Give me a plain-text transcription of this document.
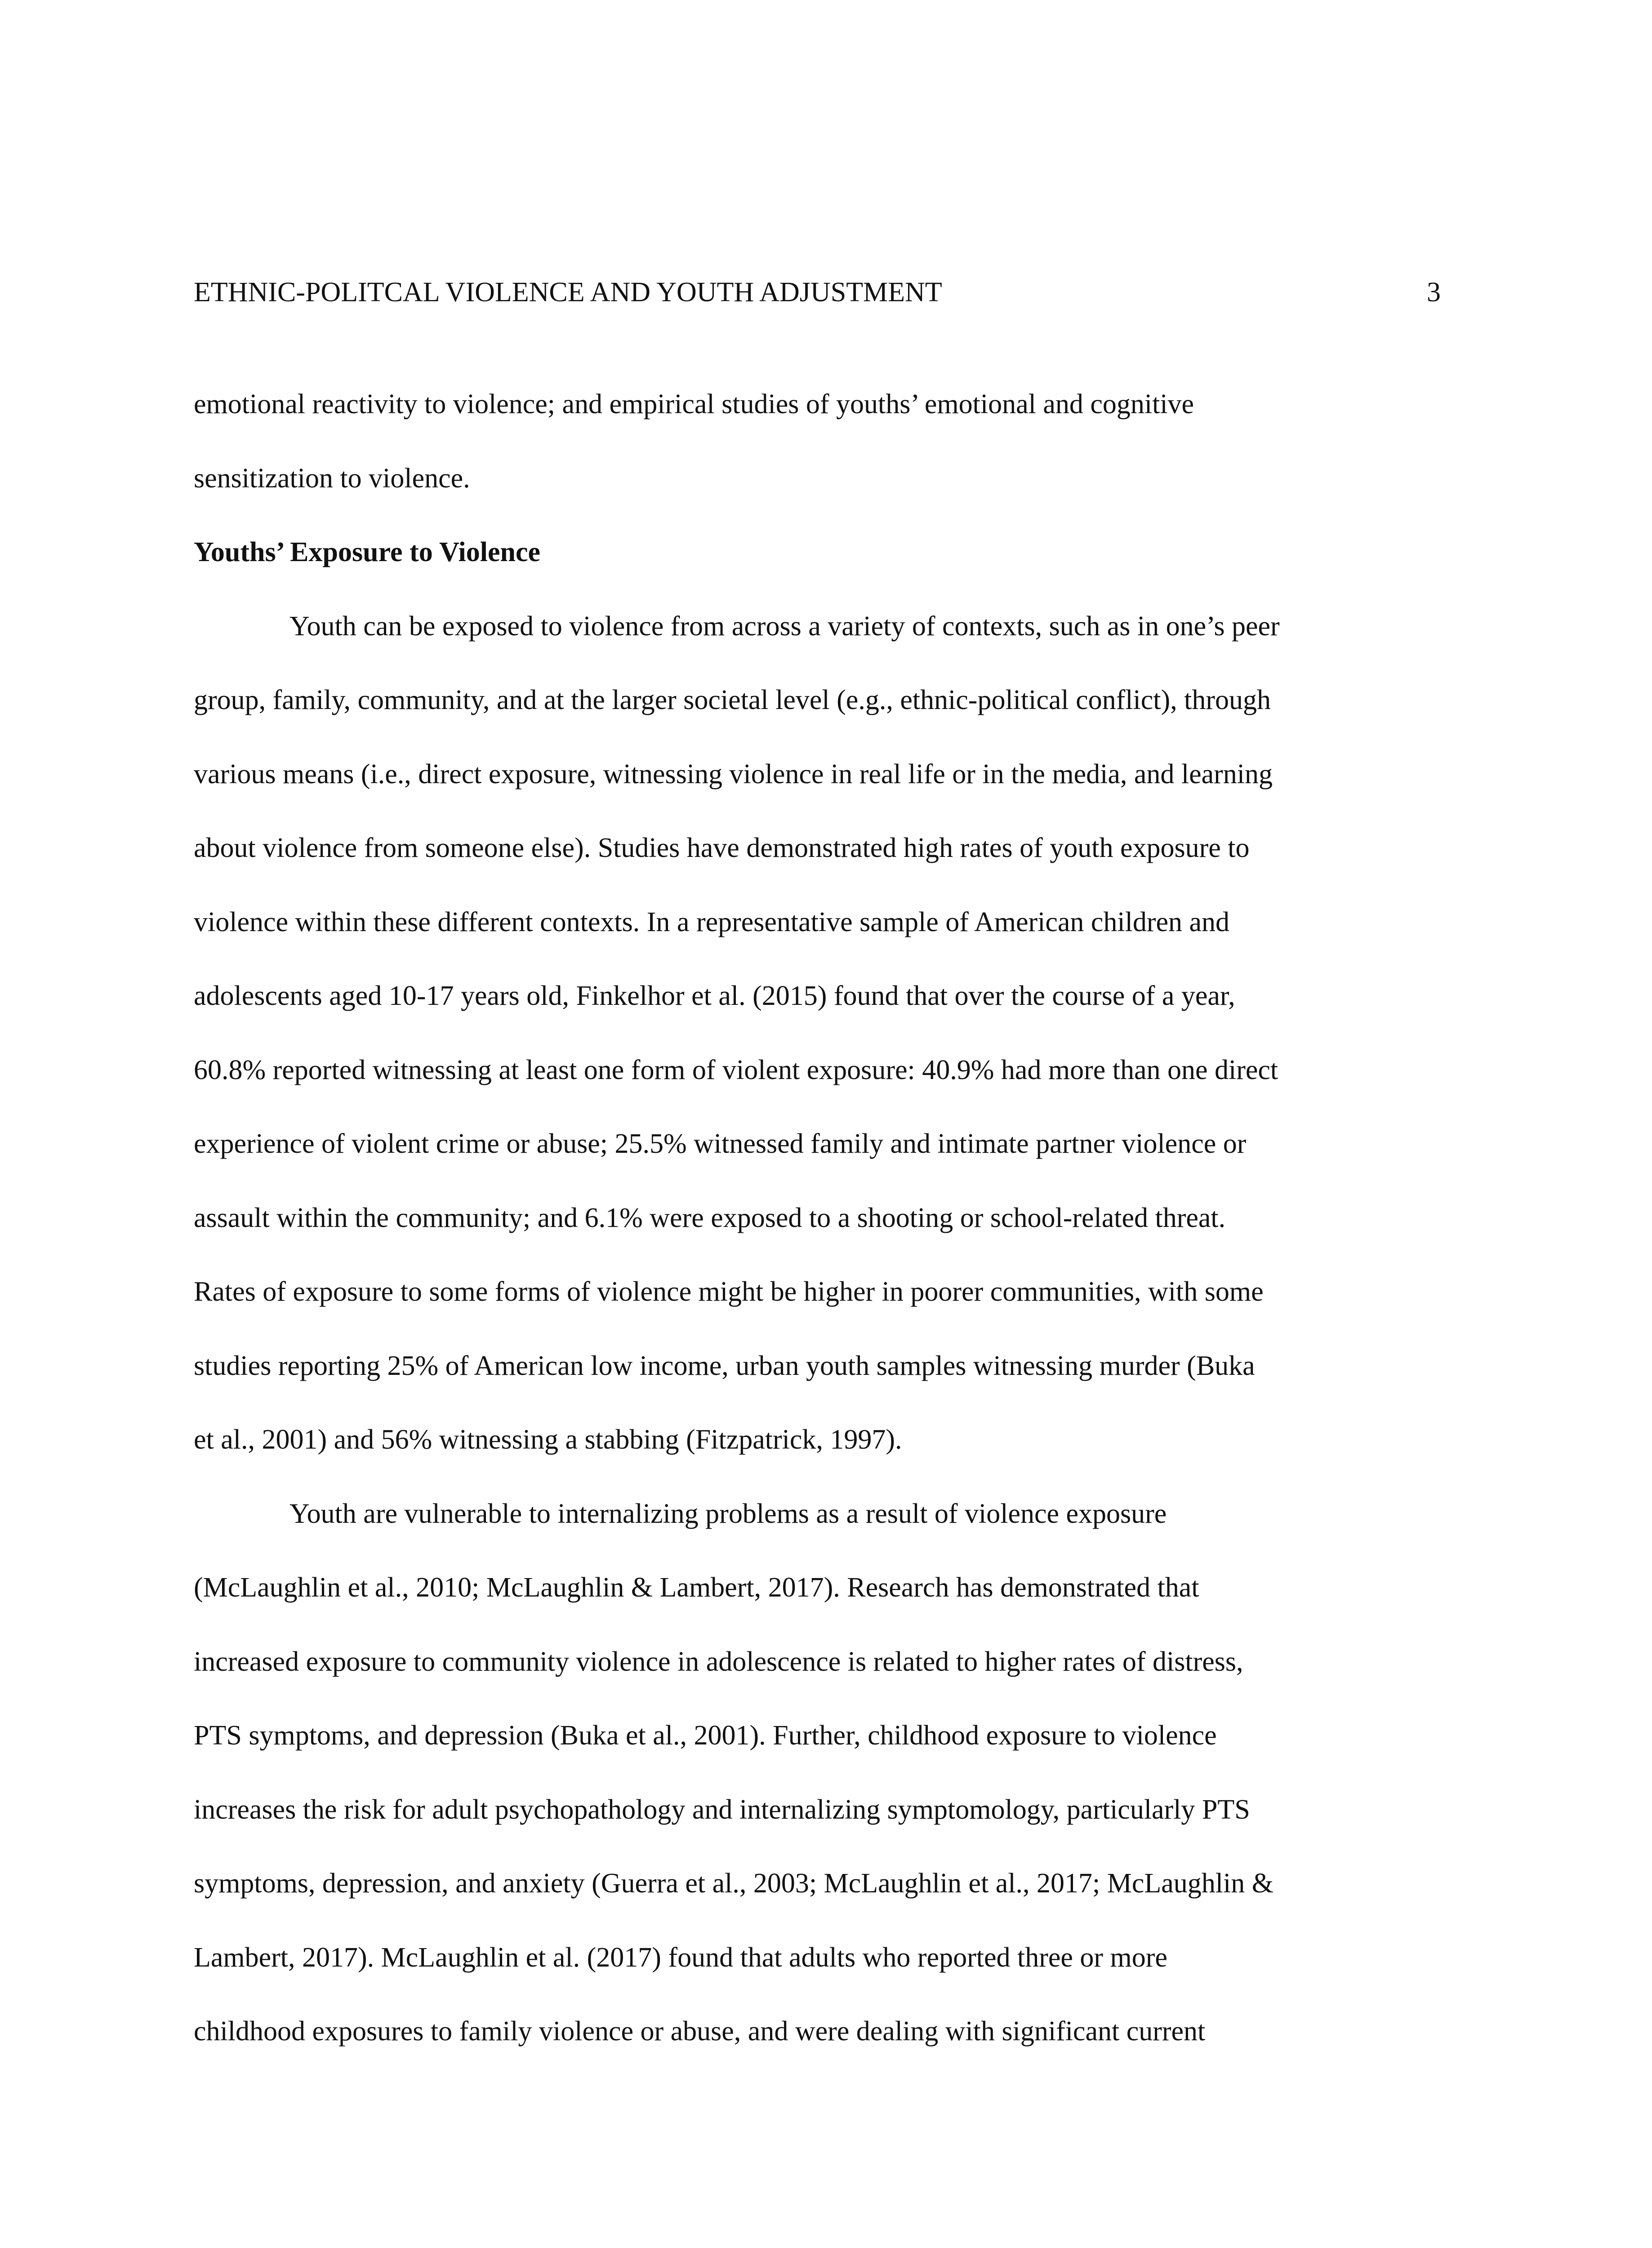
ETHNIC-POLITCAL VIOLENCE AND YOUTH ADJUSTMENT	3
emotional reactivity to violence; and empirical studies of youths’ emotional and cognitive
sensitization to violence.
Youths’ Exposure to Violence
Youth can be exposed to violence from across a variety of contexts, such as in one’s peer
group, family, community, and at the larger societal level (e.g., ethnic-political conflict), through
various means (i.e., direct exposure, witnessing violence in real life or in the media, and learning
about violence from someone else). Studies have demonstrated high rates of youth exposure to
violence within these different contexts. In a representative sample of American children and
adolescents aged 10-17 years old, Finkelhor et al. (2015) found that over the course of a year,
60.8% reported witnessing at least one form of violent exposure: 40.9% had more than one direct
experience of violent crime or abuse; 25.5% witnessed family and intimate partner violence or
assault within the community; and 6.1% were exposed to a shooting or school-related threat.
Rates of exposure to some forms of violence might be higher in poorer communities, with some
studies reporting 25% of American low income, urban youth samples witnessing murder (Buka
et al., 2001) and 56% witnessing a stabbing (Fitzpatrick, 1997).
Youth are vulnerable to internalizing problems as a result of violence exposure
(McLaughlin et al., 2010; McLaughlin & Lambert, 2017). Research has demonstrated that
increased exposure to community violence in adolescence is related to higher rates of distress,
PTS symptoms, and depression (Buka et al., 2001). Further, childhood exposure to violence
increases the risk for adult psychopathology and internalizing symptomology, particularly PTS
symptoms, depression, and anxiety (Guerra et al., 2003; McLaughlin et al., 2017; McLaughlin &
Lambert, 2017). McLaughlin et al. (2017) found that adults who reported three or more
childhood exposures to family violence or abuse, and were dealing with significant current
